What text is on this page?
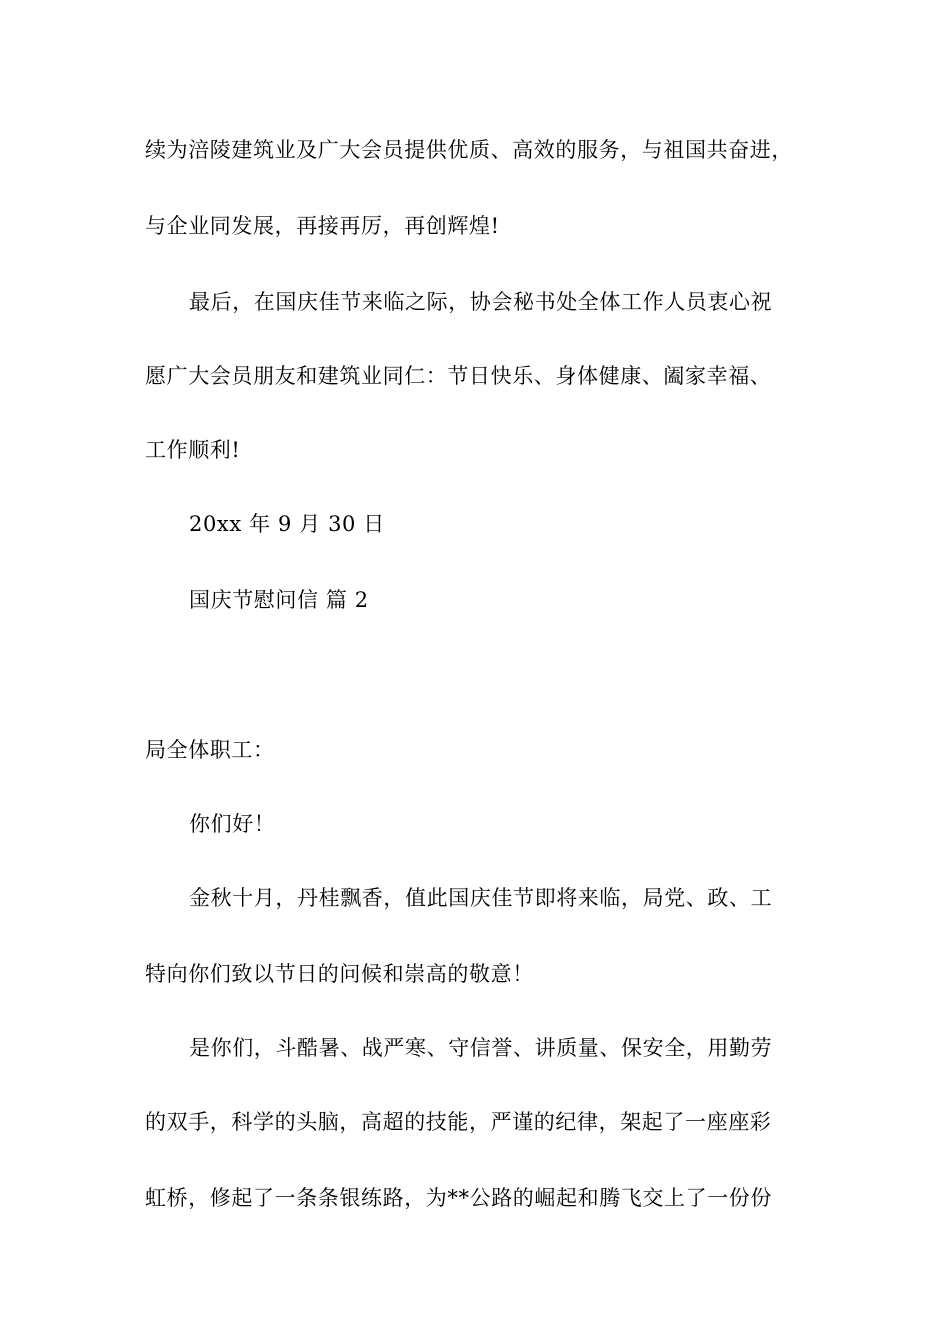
续为涪陵建筑业及广大会员提供优质、高效的服务，与祖国共奋进，
与企业同发展，再接再厉，再创辉煌!
最后，在国庆佳节来临之际，协会秘书处全体工作人员衷心祝
愿广大会员朋友和建筑业同仁：节日快乐、身体健康、阖家幸福、
工作顺利!
20xx 年 9 月 30 日
国庆节慰问信 篇 2
局全体职工：
你们好！
金秋十月，丹桂飘香，值此国庆佳节即将来临，局党、政、工
特向你们致以节日的问候和崇高的敬意！
是你们，斗酷暑、战严寒、守信誉、讲质量、保安全，用勤劳
的双手，科学的头脑，高超的技能，严谨的纪律，架起了一座座彩
虹桥，修起了一条条银练路，为**公路的崛起和腾飞交上了一份份
